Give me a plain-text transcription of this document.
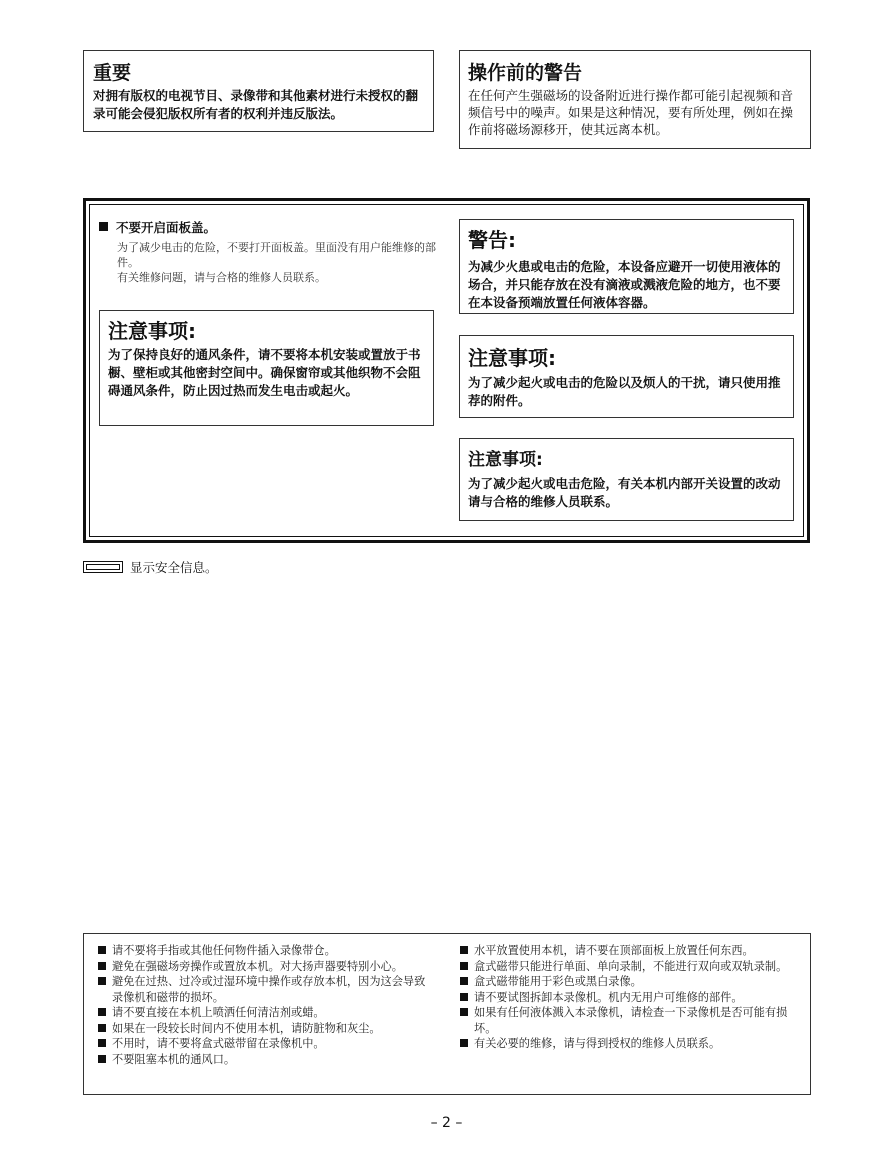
重要
对拥有版权的电视节目、录像带和其他素材进行未授权的翻录可能会侵犯版权所有者的权利并违反版法。
操作前的警告
在任何产生强磁场的设备附近进行操作都可能引起视频和音频信号中的噪声。如果是这种情况，要有所处理，例如在操作前将磁场源移开，使其远离本机。
不要开启面板盖。
为了减少电击的危险，不要打开面板盖。里面没有用户能维修的部件。
有关维修问题，请与合格的维修人员联系。
注意事项:
为了保持良好的通风条件，请不要将本机安装或置放于书橱、壁柜或其他密封空间中。确保窗帘或其他织物不会阻碍通风条件，防止因过热而发生电击或起火。
警告:
为减少火患或电击的危险，本设备应避开一切使用液体的场合，并只能存放在没有滴液或溅液危险的地方，也不要在本设备预端放置任何液体容器。
注意事项:
为了减少起火或电击的危险以及烦人的干扰，请只使用推荐的附件。
注意事项:
为了减少起火或电击危险，有关本机内部开关设置的改动请与合格的维修人员联系。
显示安全信息。
请不要将手指或其他任何物件插入录像带仓。
避免在强磁场旁操作或置放本机。对大扬声器要特别小心。
避免在过热、过冷或过湿环境中操作或存放本机，因为这会导致录像机和磁带的损坏。
请不要直接在本机上喷洒任何清洁剂或蜡。
如果在一段较长时间内不使用本机，请防脏物和灰尘。
不用时，请不要将盒式磁带留在录像机中。
不要阻塞本机的通风口。
水平放置使用本机，请不要在顶部面板上放置任何东西。
盒式磁带只能进行单面、单向录制，不能进行双向或双轨录制。
盒式磁带能用于彩色或黑白录像。
请不要试图拆卸本录像机。机内无用户可维修的部件。
如果有任何液体溅入本录像机，请检查一下录像机是否可能有损坏。
有关必要的维修，请与得到授权的维修人员联系。
– 2 –
